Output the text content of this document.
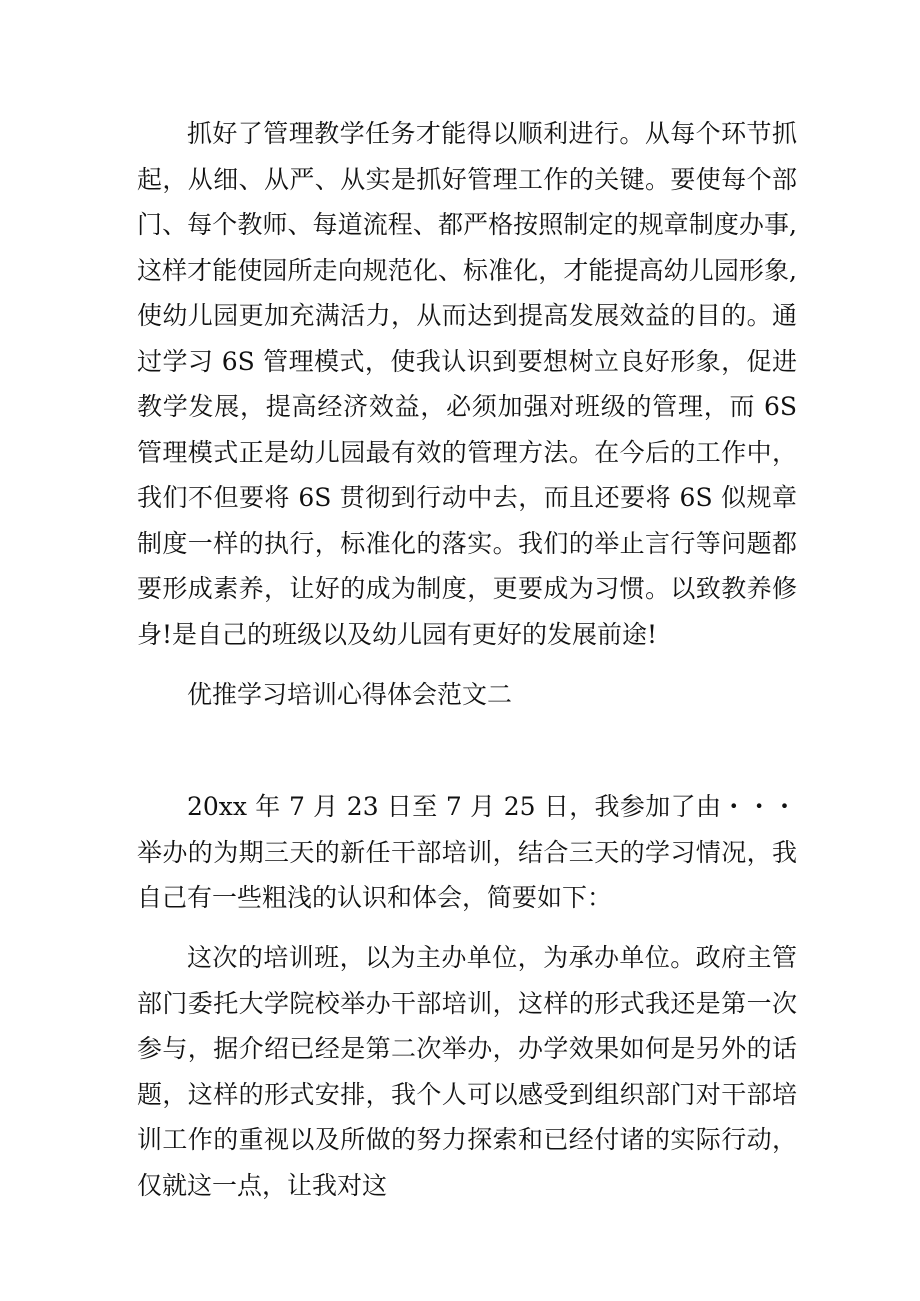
抓好了管理教学任务才能得以顺利进行。从每个环节抓起，从细、从严、从实是抓好管理工作的关键。要使每个部门、每个教师、每道流程、都严格按照制定的规章制度办事,这样才能使园所走向规范化、标准化，才能提高幼儿园形象,使幼儿园更加充满活力，从而达到提高发展效益的目的。通过学习 6S 管理模式，使我认识到要想树立良好形象，促进教学发展，提高经济效益，必须加强对班级的管理，而 6S 管理模式正是幼儿园最有效的管理方法。在今后的工作中，我们不但要将 6S 贯彻到行动中去，而且还要将 6S 似规章制度一样的执行，标准化的落实。我们的举止言行等问题都要形成素养，让好的成为制度，更要成为习惯。以致教养修身!是自己的班级以及幼儿园有更好的发展前途!

优推学习培训心得体会范文二

20xx 年 7 月 23 日至 7 月 25 日，我参加了由・・・举办的为期三天的新任干部培训，结合三天的学习情况，我自己有一些粗浅的认识和体会，简要如下：

这次的培训班，以为主办单位，为承办单位。政府主管部门委托大学院校举办干部培训，这样的形式我还是第一次参与，据介绍已经是第二次举办，办学效果如何是另外的话题，这样的形式安排，我个人可以感受到组织部门对干部培训工作的重视以及所做的努力探索和已经付诸的实际行动，仅就这一点，让我对这
